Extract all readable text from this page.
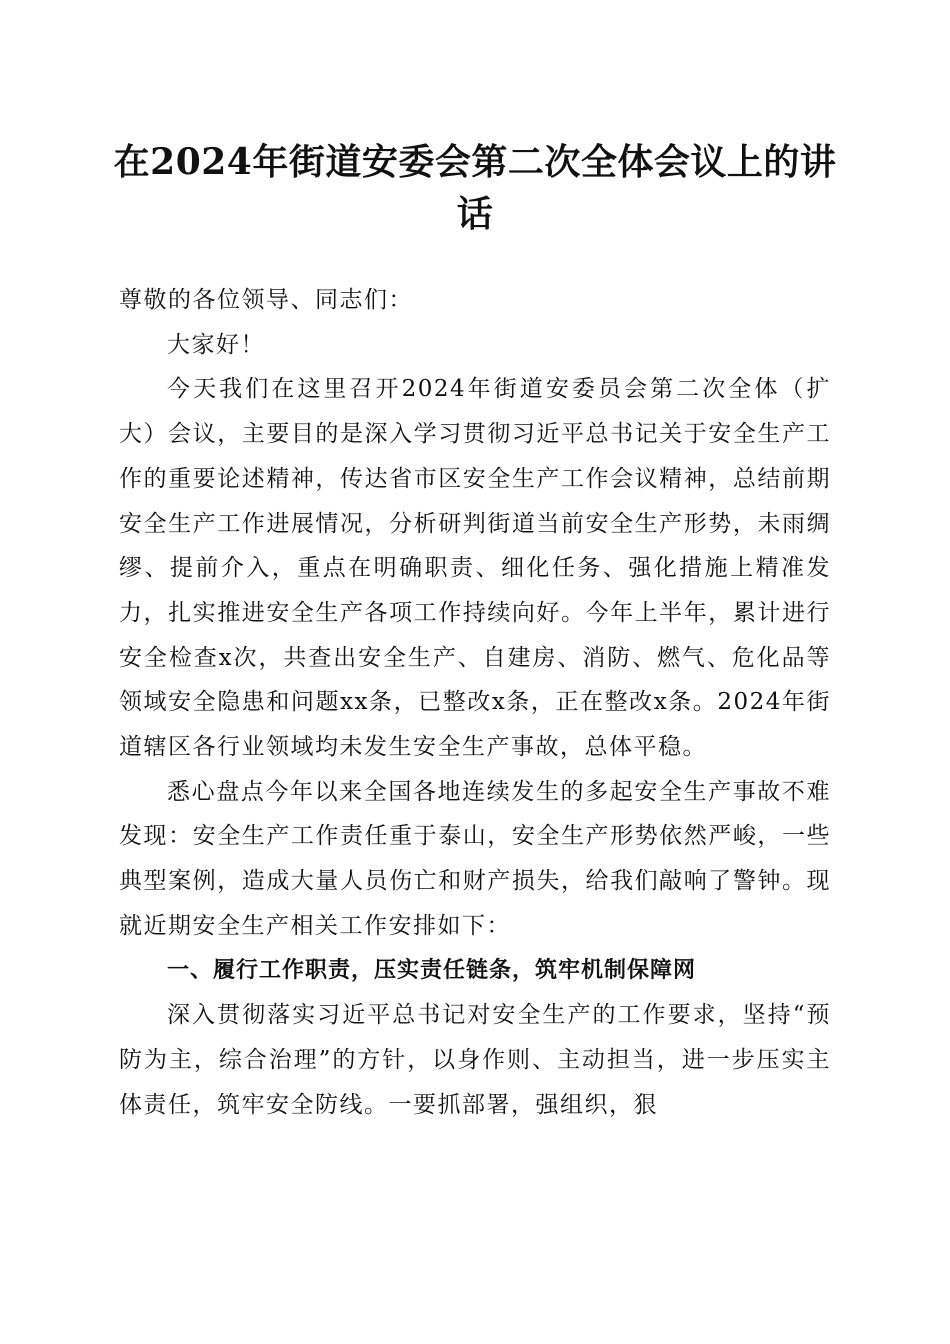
在2024年街道安委会第二次全体会议上的讲话

尊敬的各位领导、同志们：

大家好！

今天我们在这里召开2024年街道安委员会第二次全体（扩大）会议，主要目的是深入学习贯彻习近平总书记关于安全生产工作的重要论述精神，传达省市区安全生产工作会议精神，总结前期安全生产工作进展情况，分析研判街道当前安全生产形势，未雨绸缪、提前介入，重点在明确职责、细化任务、强化措施上精准发力，扎实推进安全生产各项工作持续向好。今年上半年，累计进行安全检查x次，共查出安全生产、自建房、消防、燃气、危化品等领域安全隐患和问题xx条，已整改x条，正在整改x条。2024年街道辖区各行业领域均未发生安全生产事故，总体平稳。

悉心盘点今年以来全国各地连续发生的多起安全生产事故不难发现：安全生产工作责任重于泰山，安全生产形势依然严峻，一些典型案例，造成大量人员伤亡和财产损失，给我们敲响了警钟。现就近期安全生产相关工作安排如下：

一、履行工作职责，压实责任链条，筑牢机制保障网

深入贯彻落实习近平总书记对安全生产的工作要求，坚持“预防为主，综合治理”的方针，以身作则、主动担当，进一步压实主体责任，筑牢安全防线。一要抓部署，强组织，狠
